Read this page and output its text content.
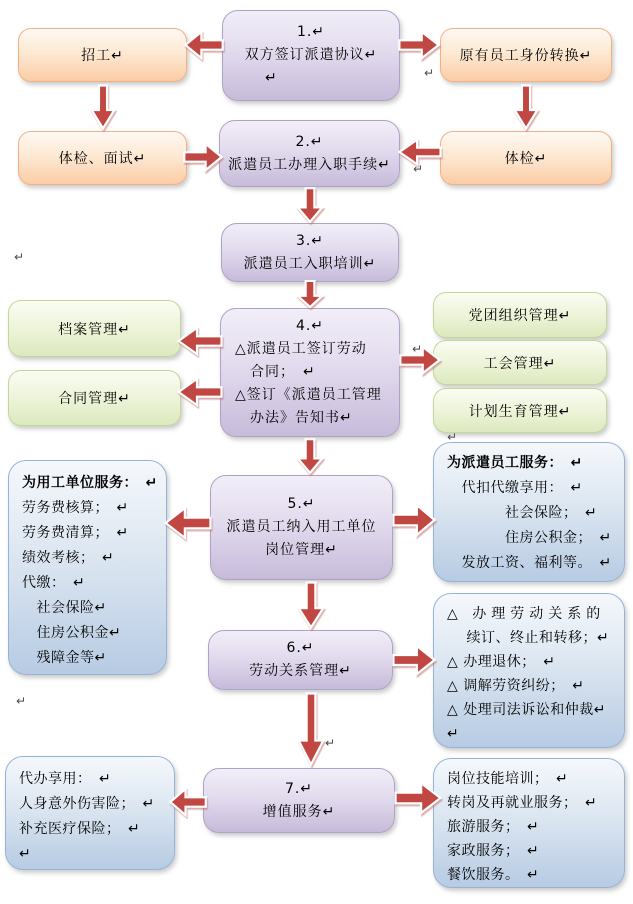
招工↵
1.↵
双方签订派遣协议↵
↵
原有员工身份转换↵
体检、面试↵
2.↵
派遣员工办理入职手续↵	体检↵
3.↵
派遣员工入职培训↵
档案管理↵
合同管理↵
4.↵
△派遣员工签订劳动
　合同；　↵
△签订《派遣员工管理
　办法》告知书↵
党团组织管理↵
工会管理↵
计划生育管理↵
为用工单位服务：　↵
劳务费核算；　↵
劳务费清算；　↵
绩效考核；　↵
代缴：　↵
　社会保险↵
　住房公积金↵
　残障金等↵
5.↵
派遣员工纳入用工单位
岗位管理↵
为派遣员工服务：　↵
　代扣代缴享用：　↵
　　　　社会保险；　↵
　　　　住房公积金；　↵
　发放工资、福利等。　↵
6.↵
劳动关系管理↵
△ 办理劳动关系的
　 续订、终止和转移；↵
△ 办理退休；　↵
△ 调解劳资纠纷；　↵
△ 处理司法诉讼和仲裁↵
↵
代办享用：　↵
人身意外伤害险；　↵
补充医疗保险；　↵
↵
7.↵
增值服务↵
岗位技能培训；　↵
转岗及再就业服务；　↵
旅游服务；　↵
家政服务；　↵
餐饮服务。　↵
↵
↵
↵
↵
↵
↵
↵
